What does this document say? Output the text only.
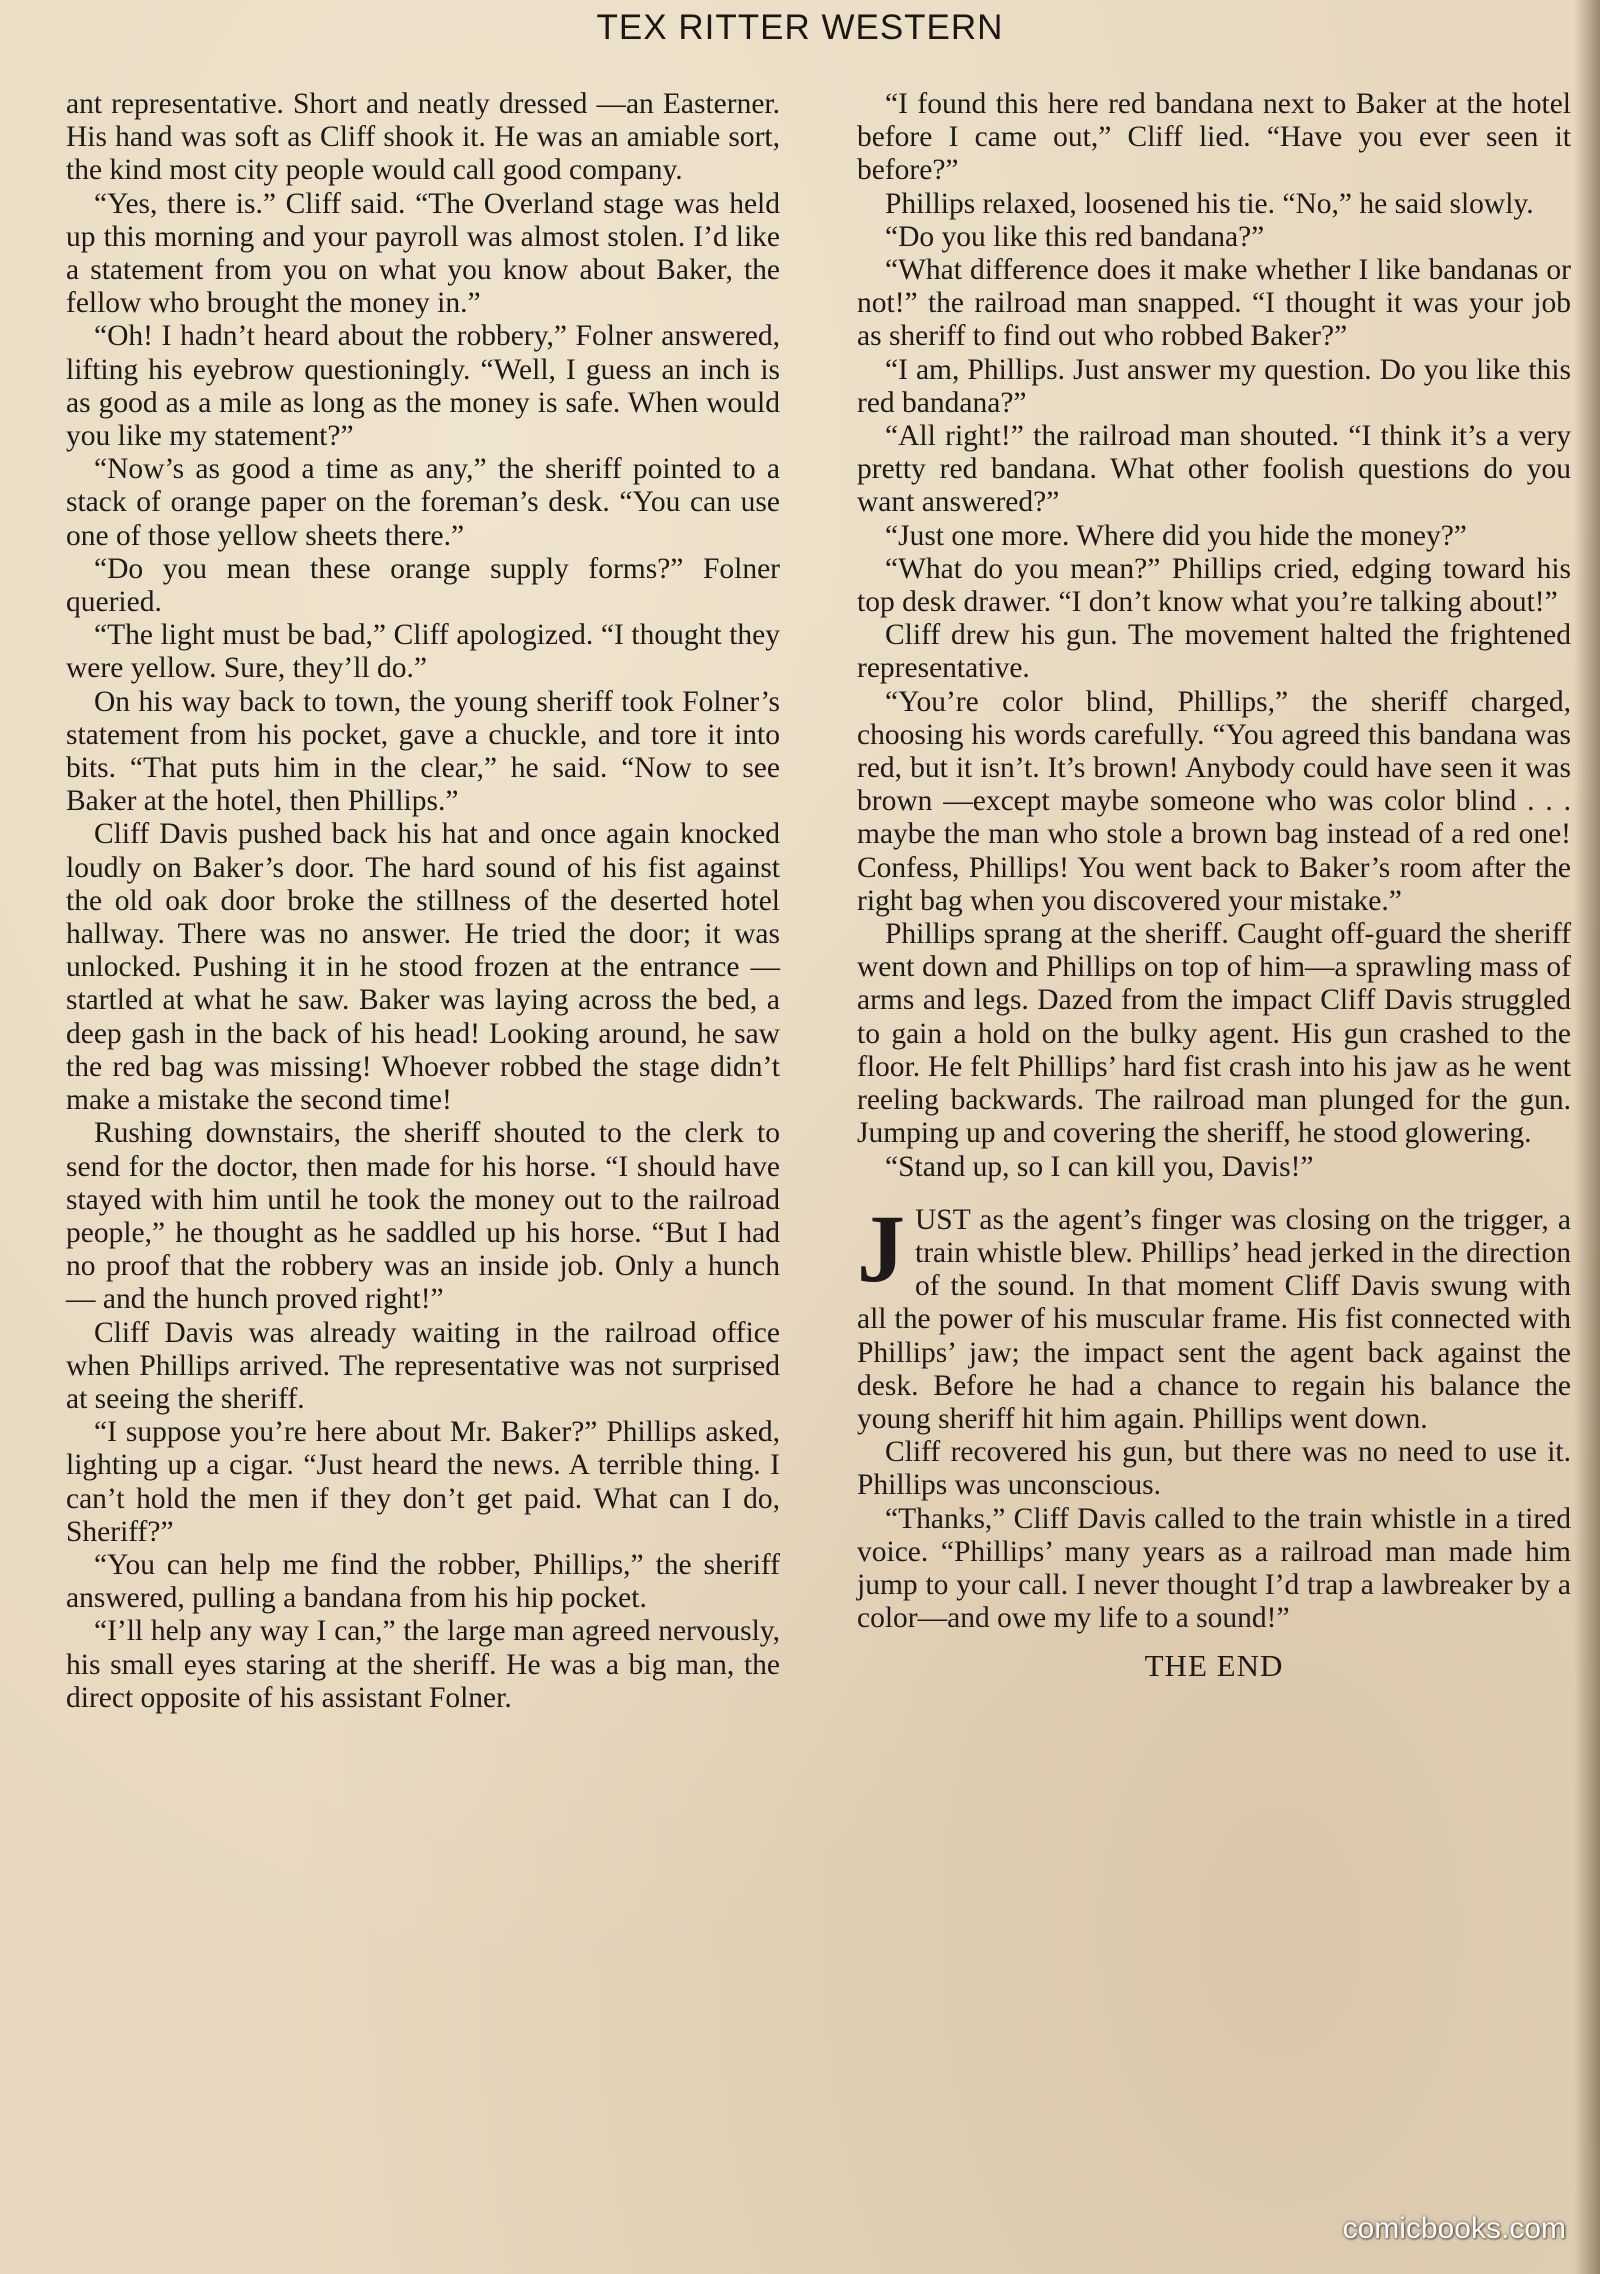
TEX RITTER WESTERN

ant representative. Short and neatly dressed —an Easterner. His hand was soft as Cliff shook it. He was an amiable sort, the kind most city people would call good company.

“Yes, there is.” Cliff said. “The Overland stage was held up this morning and your payroll was almost stolen. I’d like a statement from you on what you know about Baker, the fellow who brought the money in.”

“Oh! I hadn’t heard about the robbery,” Folner answered, lifting his eyebrow questioningly. “Well, I guess an inch is as good as a mile as long as the money is safe. When would you like my statement?”

“Now’s as good a time as any,” the sheriff pointed to a stack of orange paper on the foreman’s desk. “You can use one of those yellow sheets there.”

“Do you mean these orange supply forms?” Folner queried.

“The light must be bad,” Cliff apologized. “I thought they were yellow. Sure, they’ll do.”

On his way back to town, the young sheriff took Folner’s statement from his pocket, gave a chuckle, and tore it into bits. “That puts him in the clear,” he said. “Now to see Baker at the hotel, then Phillips.”

Cliff Davis pushed back his hat and once again knocked loudly on Baker’s door. The hard sound of his fist against the old oak door broke the stillness of the deserted hotel hallway. There was no answer. He tried the door; it was unlocked. Pushing it in he stood frozen at the entrance — startled at what he saw. Baker was laying across the bed, a deep gash in the back of his head! Looking around, he saw the red bag was missing! Whoever robbed the stage didn’t make a mistake the second time!

Rushing downstairs, the sheriff shouted to the clerk to send for the doctor, then made for his horse. “I should have stayed with him until he took the money out to the railroad people,” he thought as he saddled up his horse. “But I had no proof that the robbery was an inside job. Only a hunch — and the hunch proved right!”

Cliff Davis was already waiting in the railroad office when Phillips arrived. The representative was not surprised at seeing the sheriff.

“I suppose you’re here about Mr. Baker?” Phillips asked, lighting up a cigar. “Just heard the news. A terrible thing. I can’t hold the men if they don’t get paid. What can I do, Sheriff?”

“You can help me find the robber, Phillips,” the sheriff answered, pulling a bandana from his hip pocket.

“I’ll help any way I can,” the large man agreed nervously, his small eyes staring at the sheriff. He was a big man, the direct opposite of his assistant Folner.

“I found this here red bandana next to Baker at the hotel before I came out,” Cliff lied. “Have you ever seen it before?”

Phillips relaxed, loosened his tie. “No,” he said slowly.

“Do you like this red bandana?”

“What difference does it make whether I like bandanas or not!” the railroad man snapped. “I thought it was your job as sheriff to find out who robbed Baker?”

“I am, Phillips. Just answer my question. Do you like this red bandana?”

“All right!” the railroad man shouted. “I think it’s a very pretty red bandana. What other foolish questions do you want answered?”

“Just one more. Where did you hide the money?”

“What do you mean?” Phillips cried, edging toward his top desk drawer. “I don’t know what you’re talking about!”

Cliff drew his gun. The movement halted the frightened representative.

“You’re color blind, Phillips,” the sheriff charged, choosing his words carefully. “You agreed this bandana was red, but it isn’t. It’s brown! Anybody could have seen it was brown —except maybe someone who was color blind . . . maybe the man who stole a brown bag instead of a red one! Confess, Phillips! You went back to Baker’s room after the right bag when you discovered your mistake.”

Phillips sprang at the sheriff. Caught off-guard the sheriff went down and Phillips on top of him—a sprawling mass of arms and legs. Dazed from the impact Cliff Davis struggled to gain a hold on the bulky agent. His gun crashed to the floor. He felt Phillips’ hard fist crash into his jaw as he went reeling backwards. The railroad man plunged for the gun. Jumping up and covering the sheriff, he stood glowering.

“Stand up, so I can kill you, Davis!”

JUST as the agent’s finger was closing on the trigger, a train whistle blew. Phillips’ head jerked in the direction of the sound. In that moment Cliff Davis swung with all the power of his muscular frame. His fist connected with Phillips’ jaw; the impact sent the agent back against the desk. Before he had a chance to regain his balance the young sheriff hit him again. Phillips went down.

Cliff recovered his gun, but there was no need to use it. Phillips was unconscious.

“Thanks,” Cliff Davis called to the train whistle in a tired voice. “Phillips’ many years as a railroad man made him jump to your call. I never thought I’d trap a lawbreaker by a color—and owe my life to a sound!”

THE END

comicbooks.com
